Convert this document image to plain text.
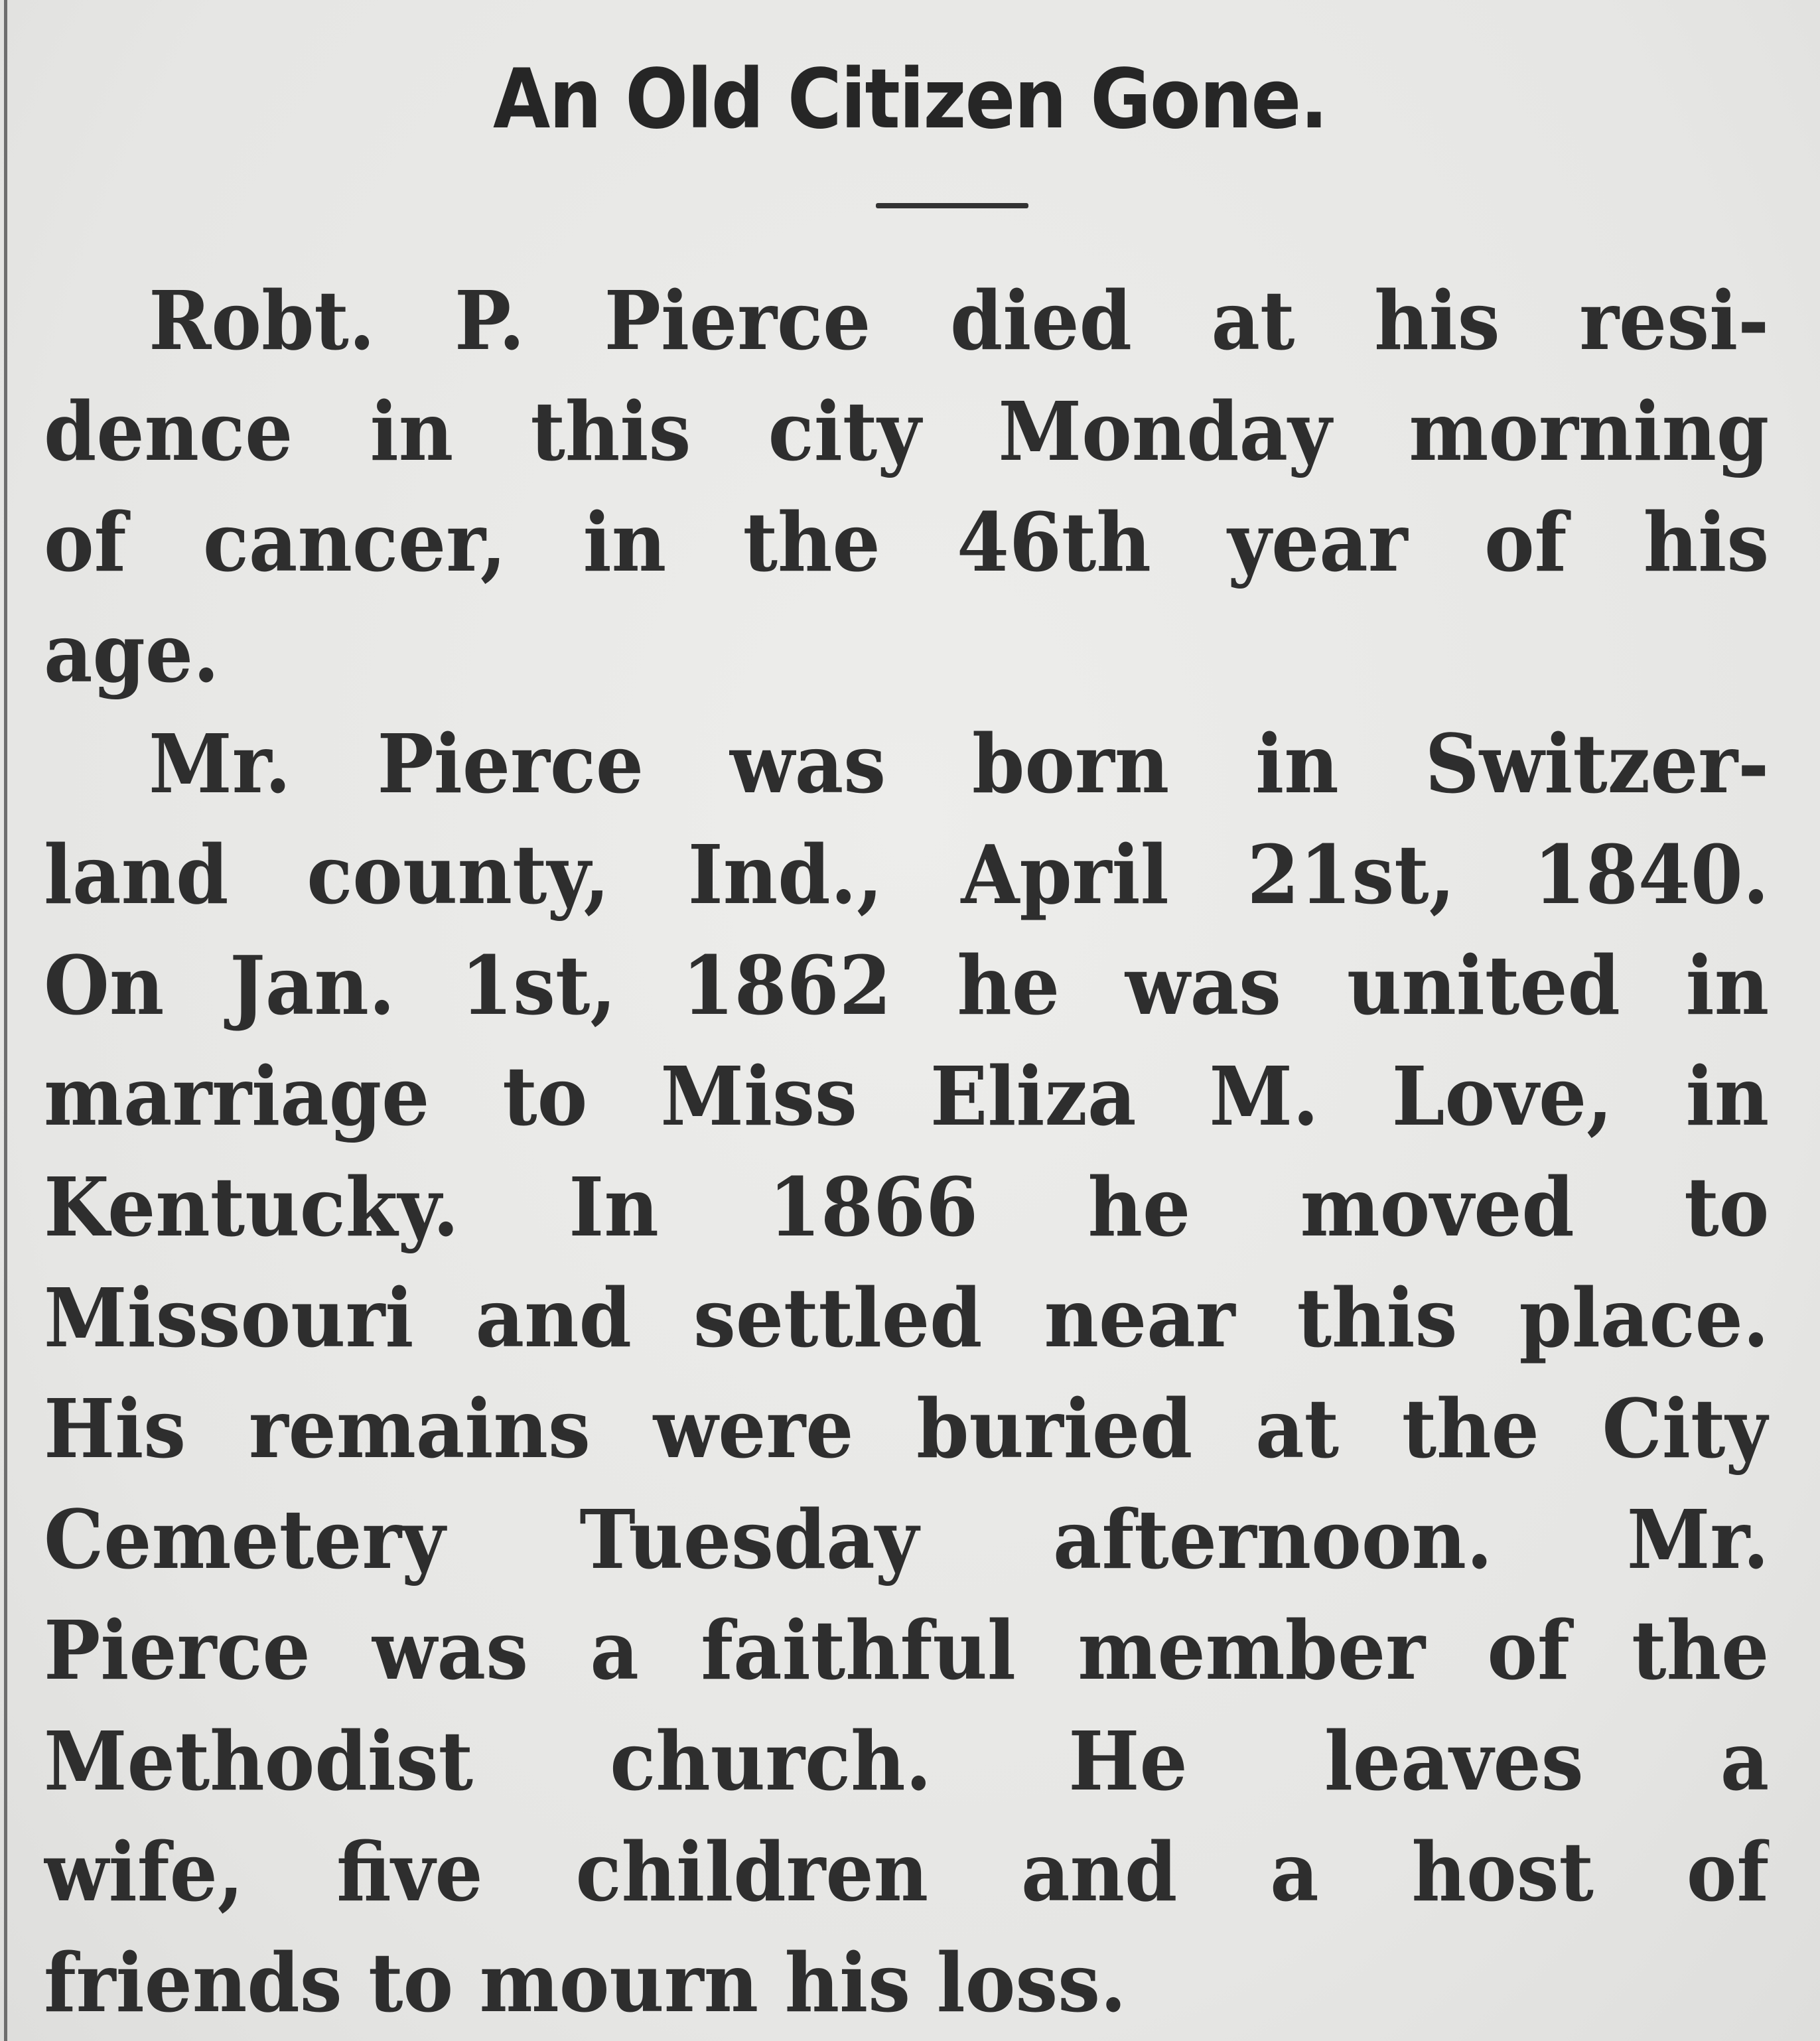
An Old Citizen Gone.
Robt. P. Pierce died at his resi-
dence in this city Monday morning
of cancer, in the 46th year of his
age.
Mr. Pierce was born in Switzer-
land county, Ind., April 21st, 1840.
On Jan. 1st, 1862 he was united in
marriage to Miss Eliza M. Love, in
Kentucky. In 1866 he moved to
Missouri and settled near this place.
His remains were buried at the City
Cemetery Tuesday afternoon. Mr.
Pierce was a faithful member of the
Methodist church. He leaves a
wife, five children and a host of
friends to mourn his loss.
